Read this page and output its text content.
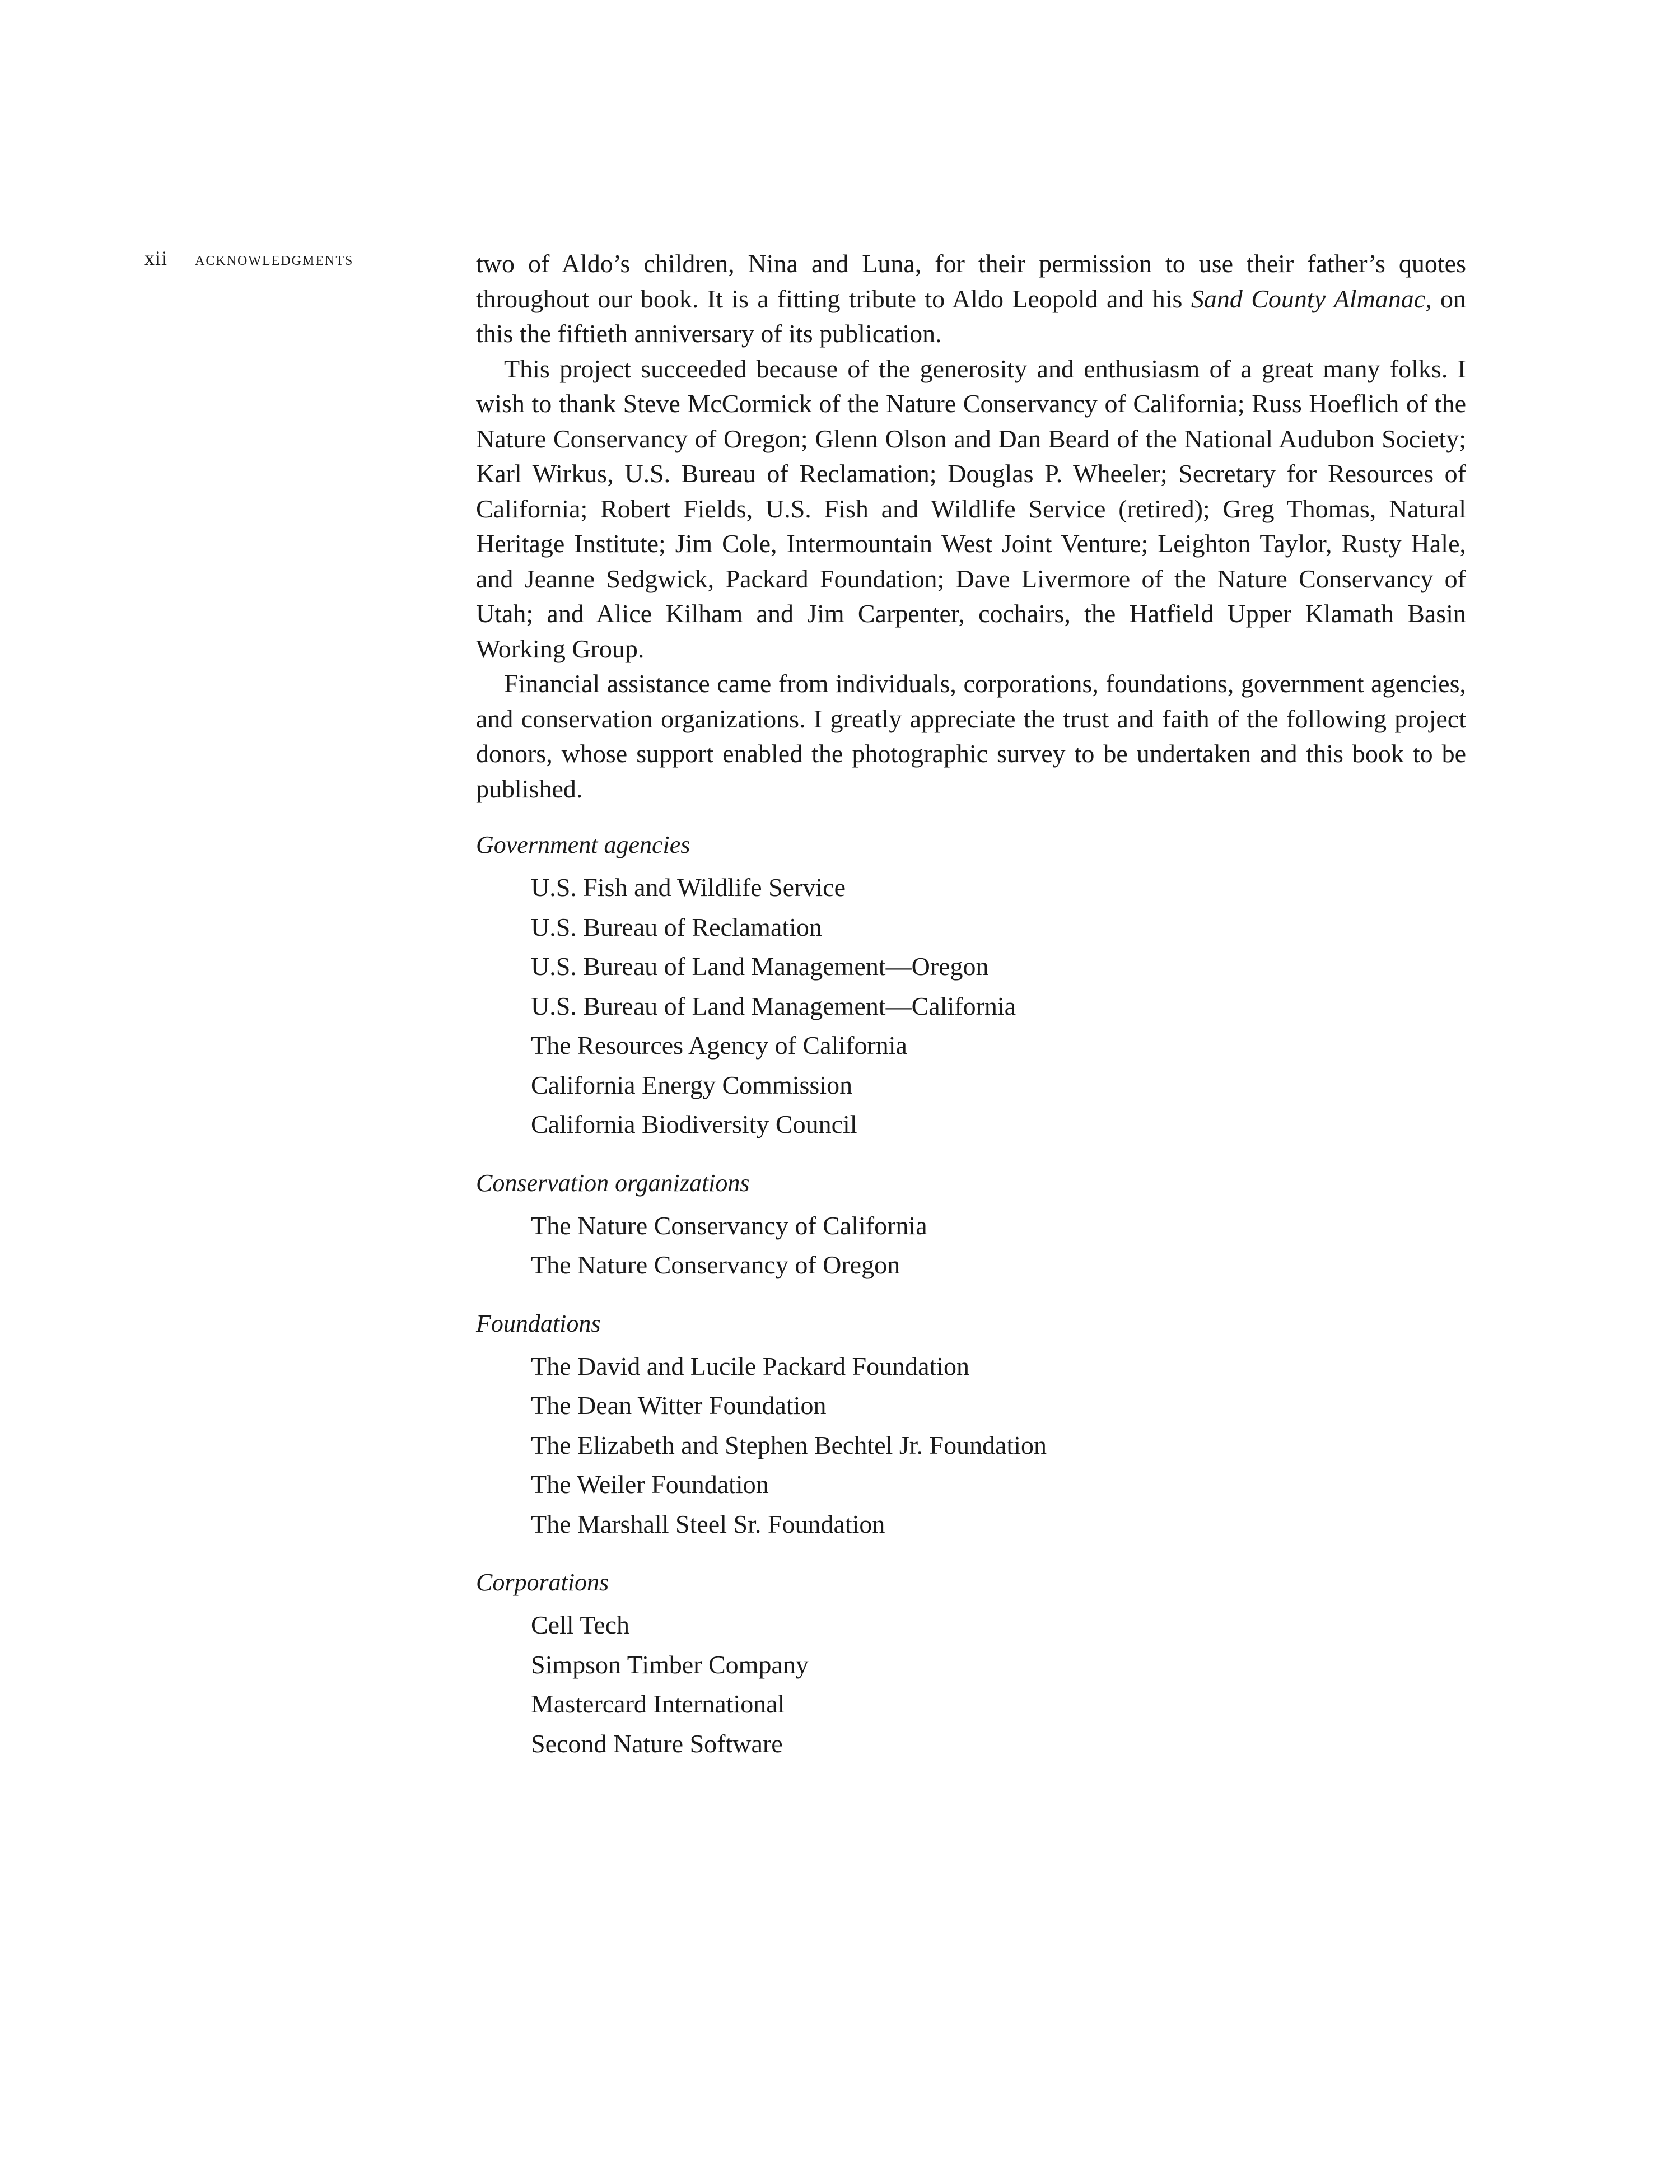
xii ACKNOWLEDGMENTS	two of Aldo’s children, Nina and Luna, for their permission to use their father’s quotes throughout our book. It is a fitting tribute to Aldo Leopold and his Sand County Almanac, on this the fiftieth anniversary of its publication.

This project succeeded because of the generosity and enthusiasm of a great many folks. I wish to thank Steve McCormick of the Nature Conservancy of California; Russ Hoeflich of the Nature Conservancy of Oregon; Glenn Olson and Dan Beard of the National Audubon Society; Karl Wirkus, U.S. Bureau of Reclamation; Douglas P. Wheeler; Secretary for Resources of California; Robert Fields, U.S. Fish and Wildlife Service (retired); Greg Thomas, Natural Heritage Institute; Jim Cole, Intermountain West Joint Venture; Leighton Taylor, Rusty Hale, and Jeanne Sedgwick, Packard Foundation; Dave Livermore of the Nature Conservancy of Utah; and Alice Kilham and Jim Carpenter, cochairs, the Hatfield Upper Klamath Basin Working Group.

Financial assistance came from individuals, corporations, foundations, government agencies, and conservation organizations. I greatly appreciate the trust and faith of the following project donors, whose support enabled the photographic survey to be undertaken and this book to be published.

Government agencies

U.S. Fish and Wildlife Service
U.S. Bureau of Reclamation
U.S. Bureau of Land Management—Oregon
U.S. Bureau of Land Management—California
The Resources Agency of California
California Energy Commission
California Biodiversity Council

Conservation organizations

The Nature Conservancy of California
The Nature Conservancy of Oregon

Foundations

The David and Lucile Packard Foundation
The Dean Witter Foundation
The Elizabeth and Stephen Bechtel Jr. Foundation
The Weiler Foundation
The Marshall Steel Sr. Foundation

Corporations

Cell Tech
Simpson Timber Company
Mastercard International
Second Nature Software
